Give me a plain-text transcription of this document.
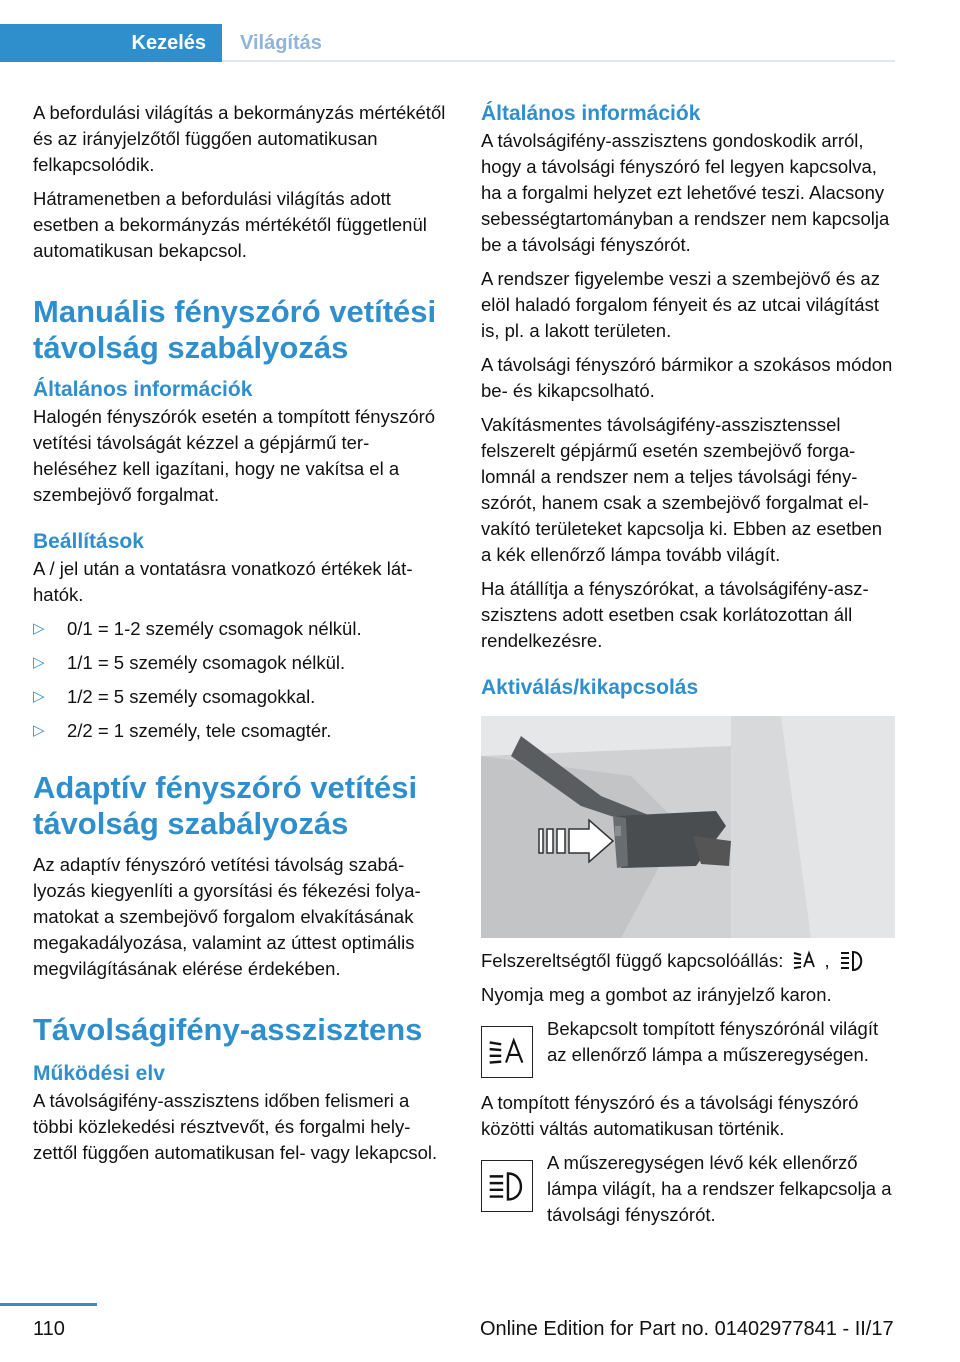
Kezelés	Világítás

A befordulási világítás a bekormányzás mértékétől és az irányjelzőtől függően automatikusan felkapcsolódik.

Hátramenetben a befordulási világítás adott esetben a bekormányzás mértékétől függetlenül automatikusan bekapcsol.

Manuális fényszóró vetítési távolság szabályozás
Általános információk

Halogén fényszórók esetén a tompított fényszóró vetítési távolságát kézzel a gépjármű terheléséhez kell igazítani, hogy ne vakítsa el a szembejövő forgalmat.

Beállítások

A / jel után a vontatásra vonatkozó értékek láthatók.

▷ 0/1 = 1-2 személy csomagok nélkül.
▷ 1/1 = 5 személy csomagok nélkül.
▷ 1/2 = 5 személy csomagokkal.
▷ 2/2 = 1 személy, tele csomagtér.
Adaptív fényszóró vetítési távolság szabályozás

Az adaptív fényszóró vetítési távolság szabályozás kiegyenlíti a gyorsítási és fékezési folyamatokat a szembejövő forgalom elvakításának megakadályozása, valamint az úttest optimális megvilágításának elérése érdekében.

Távolságifény-asszisztens
Működési elv

A távolságifény-asszisztens időben felismeri a többi közlekedési résztvevőt, és forgalmi helyzettől függően automatikusan fel- vagy lekapcsol.

Általános információk

A távolságifény-asszisztens gondoskodik arról, hogy a távolsági fényszóró fel legyen kapcsolva, ha a forgalmi helyzet ezt lehetővé teszi. Alacsony sebességtartományban a rendszer nem kapcsolja be a távolsági fényszórót.

A rendszer figyelembe veszi a szembejövő és az elöl haladó forgalom fényeit és az utcai világítást is, pl. a lakott területen.

A távolsági fényszóró bármikor a szokásos módon be- és kikapcsolható.

Vakításmentes távolságifény-asszisztenssel felszerelt gépjármű esetén szembejövő forgalomnál a rendszer nem a teljes távolsági fényszórót, hanem csak a szembejövő forgalmat elvakító területeket kapcsolja ki. Ebben az esetben a kék ellenőrző lámpa tovább világít.

Ha átállítja a fényszórókat, a távolságifény-aszszisztens adott esetben csak korlátozottan áll rendelkezésre.

Aktiválás/kikapcsolás

Felszereltségtől függő kapcsolóállás: ,

Nyomja meg a gombot az irányjelző karon.

Bekapcsolt tompított fényszórónál világít az ellenőrző lámpa a műszeregységen.

A tompított fényszóró és a távolsági fényszóró közötti váltás automatikusan történik.

A műszeregységen lévő kék ellenőrző lámpa világít, ha a rendszer felkapcsolja a távolsági fényszórót.
110	Online Edition for Part no. 01402977841 - II/17
